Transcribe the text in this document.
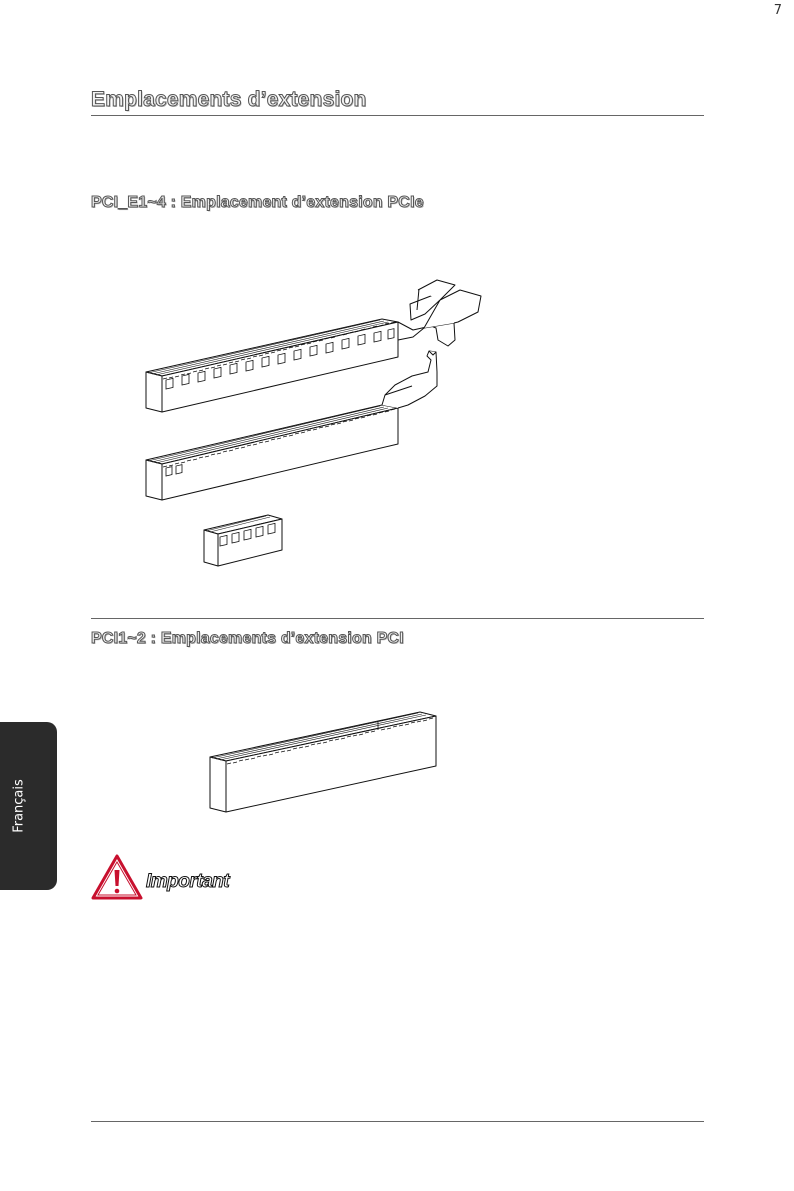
7
Emplacements d’extension
PCI_E1~4 : Emplacement d’extension PCIe
PCI1~2 : Emplacements d’extension PCI
Français
Important
